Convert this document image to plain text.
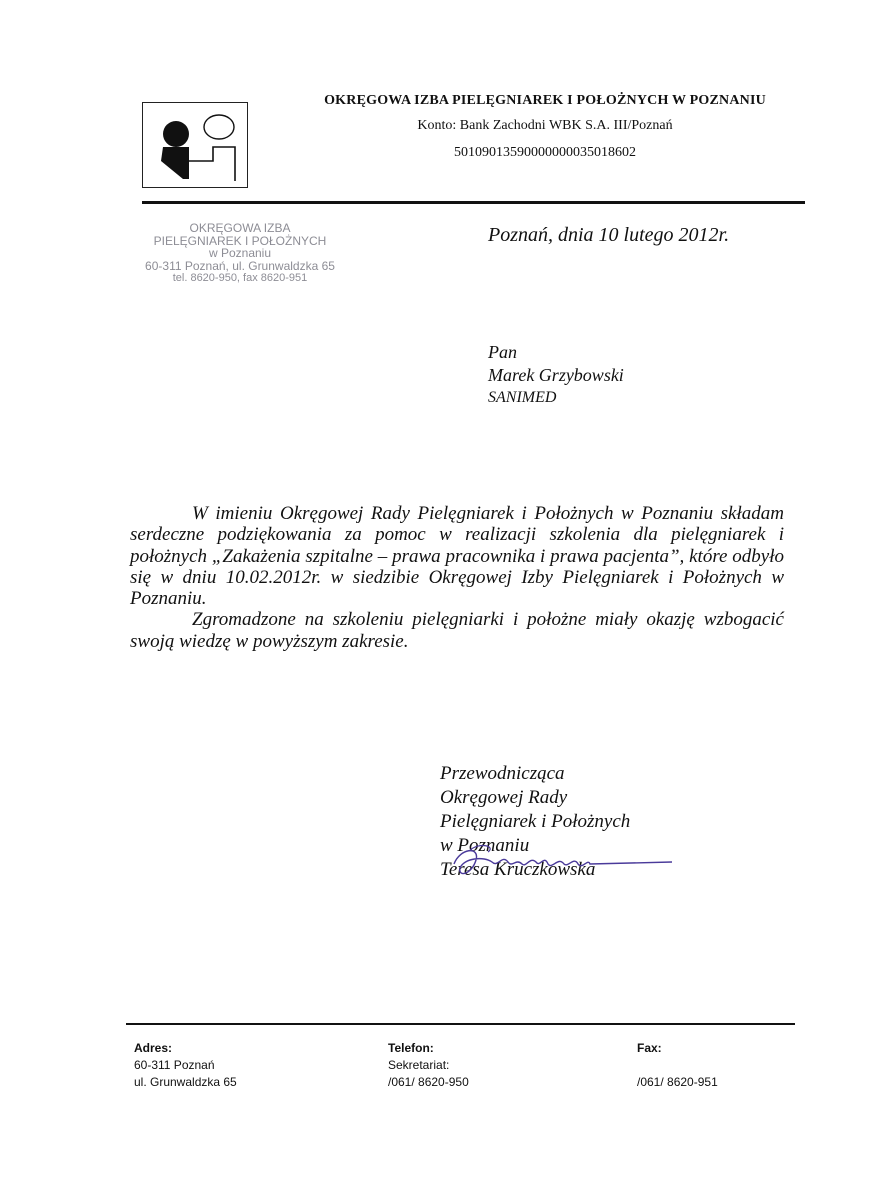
OKRĘGOWA IZBA PIELĘGNIAREK I POŁOŻNYCH W POZNANIU
Konto: Bank Zachodni WBK S.A. III/Poznań
50109013590000000035018602
OKRĘGOWA IZBA
PIELĘGNIAREK I POŁOŻNYCH
w Poznaniu
60-311 Poznań, ul. Grunwaldzka 65
tel. 8620-950, fax 8620-951
Poznań, dnia 10 lutego 2012r.
Pan
Marek Grzybowski
SANIMED

W imieniu Okręgowej Rady Pielęgniarek i Położnych w Poznaniu składam serdeczne podziękowania za pomoc w realizacji szkolenia dla pielęgniarek i położnych „Zakażenia szpitalne – prawa pracownika i prawa pacjenta”, które odbyło się w dniu 10.02.2012r. w siedzibie Okręgowej Izby Pielęgniarek i Położnych w Poznaniu.

Zgromadzone na szkoleniu pielęgniarki i położne miały okazję wzbogacić swoją wiedzę w powyższym zakresie.

Przewodnicząca
Okręgowej Rady
Pielęgniarek i Położnych
w Poznaniu
Teresa Kruczkowska
Adres:
60-311 Poznań
ul. Grunwaldzka 65
Telefon:
Sekretariat:
/061/ 8620-950
Fax:

/061/ 8620-951
